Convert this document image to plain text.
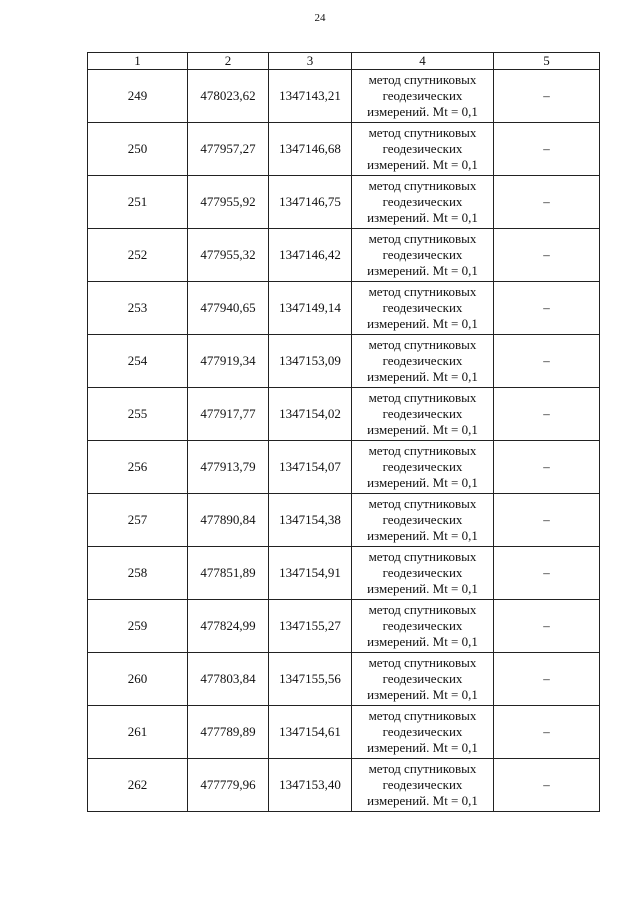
24
1	2	3	4	5
249	478023,62	1347143,21	метод спутниковых
геодезических
измерений. Mt = 0,1	–
250	477957,27	1347146,68	метод спутниковых
геодезических
измерений. Mt = 0,1	–
251	477955,92	1347146,75	метод спутниковых
геодезических
измерений. Mt = 0,1	–
252	477955,32	1347146,42	метод спутниковых
геодезических
измерений. Mt = 0,1	–
253	477940,65	1347149,14	метод спутниковых
геодезических
измерений. Mt = 0,1	–
254	477919,34	1347153,09	метод спутниковых
геодезических
измерений. Mt = 0,1	–
255	477917,77	1347154,02	метод спутниковых
геодезических
измерений. Mt = 0,1	–
256	477913,79	1347154,07	метод спутниковых
геодезических
измерений. Mt = 0,1	–
257	477890,84	1347154,38	метод спутниковых
геодезических
измерений. Mt = 0,1	–
258	477851,89	1347154,91	метод спутниковых
геодезических
измерений. Mt = 0,1	–
259	477824,99	1347155,27	метод спутниковых
геодезических
измерений. Mt = 0,1	–
260	477803,84	1347155,56	метод спутниковых
геодезических
измерений. Mt = 0,1	–
261	477789,89	1347154,61	метод спутниковых
геодезических
измерений. Mt = 0,1	–
262	477779,96	1347153,40	метод спутниковых
геодезических
измерений. Mt = 0,1	–
